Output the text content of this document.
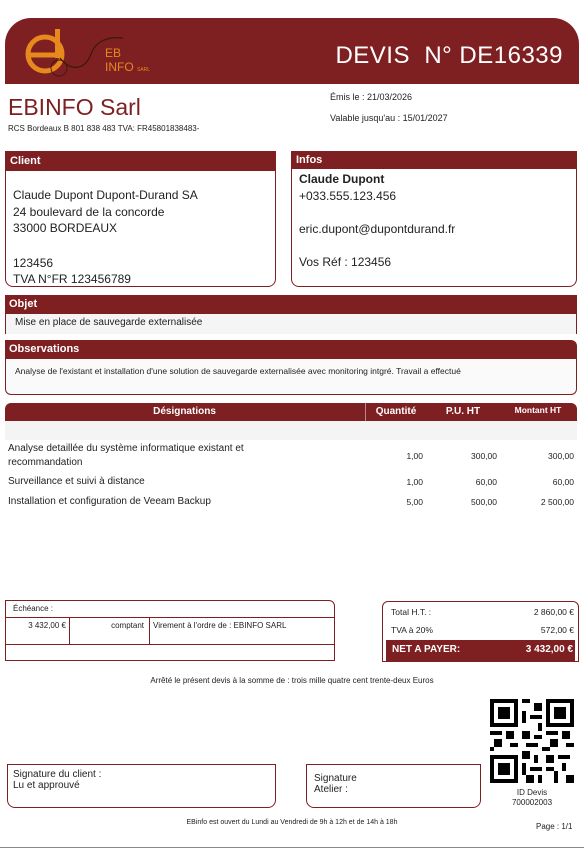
EB
INFO SARL
DEVIS N° DE16339
EBINFO Sarl
RCS Bordeaux B 801 838 483 TVA: FR45801838483-
Émis le : 21/03/2026
Valable jusqu'au : 15/01/2027
Client
Claude Dupont Dupont-Durand SA
24 boulevard de la concorde
33000 BORDEAUX
123456
TVA N°FR 123456789
Infos
Claude Dupont
+033.555.123.456
eric.dupont@dupontdurand.fr
Vos Réf : 123456
Objet
Mise en place de sauvegarde externalisée
Observations
Analyse de l'existant et installation d'une solution de sauvegarde externalisée avec monitoring intgré. Travail a effectué
Désignations	Quantité	P.U. HT	Montant HT
Analyse detaillée du système informatique existant et recommandation
1,00	300,00	300,00
Surveillance et suivi à distance	1,00	60,00	60,00
Installation et configuration de Veeam Backup	5,00	500,00	2 500,00
Échéance :
3 432,00 €	comptant Virement à l'ordre de : EBINFO SARL
Total H.T. :	2 860,00 €
TVA à 20%	572,00 €
NET A PAYER:	3 432,00 €
Arrêté le présent devis à la somme de : trois mille quatre cent trente-deux Euros
ID Devis
700002003
Signature du client :
Lu et approuvé
Signature
Atelier :
EBinfo est ouvert du Lundi au Vendredi de 9h à 12h et de 14h à 18h	Page : 1/1
